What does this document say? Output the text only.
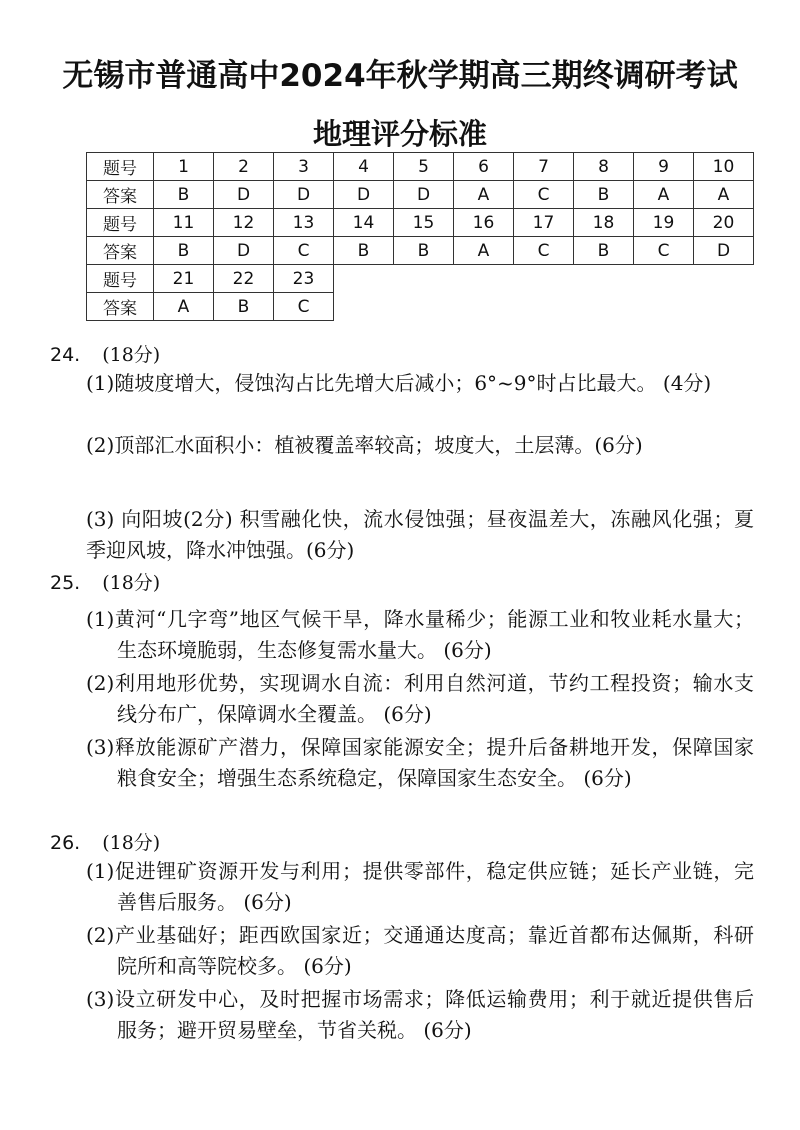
无锡市普通高中2024年秋学期高三期终调研考试
地理评分标准
题号	1	2	3	4	5	6	7	8	9	10
答案	B	D	D	D	D	A	C	B	A	A
题号	11	12	13	14	15	16	17	18	19	20
答案	B	D	C	B	B	A	C	B	C	D
题号	21	22	23							
答案	A	B	C							
24. (18分)
(1)随坡度增大，侵蚀沟占比先增大后减小；6°~9°时占比最大。 (4分)
(2)顶部汇水面积小：植被覆盖率较高；坡度大，土层薄。(6分)
(3) 向阳坡(2分) 积雪融化快，流水侵蚀强；昼夜温差大，冻融风化强；夏季迎风坡，降水冲蚀强。(6分)
25. (18分)
(1)黄河“几字弯”地区气候干旱，降水量稀少；能源工业和牧业耗水量大；生态环境脆弱，生态修复需水量大。 (6分)
(2)利用地形优势，实现调水自流：利用自然河道，节约工程投资；输水支线分布广，保障调水全覆盖。 (6分)
(3)释放能源矿产潜力，保障国家能源安全；提升后备耕地开发，保障国家粮食安全；增强生态系统稳定，保障国家生态安全。 (6分)
26. (18分)
(1)促进锂矿资源开发与利用；提供零部件，稳定供应链；延长产业链，完善售后服务。 (6分)
(2)产业基础好；距西欧国家近；交通通达度高；靠近首都布达佩斯，科研院所和高等院校多。 (6分)
(3)设立研发中心，及时把握市场需求；降低运输费用；利于就近提供售后服务；避开贸易壁垒，节省关税。 (6分)
